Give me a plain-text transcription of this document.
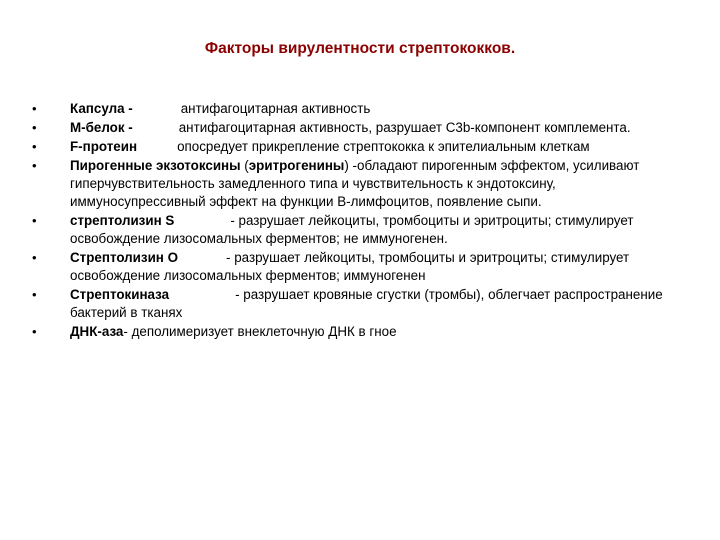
Факторы вирулентности стрептококков.
• Капсула -	антифагоцитарная активность
• М-белок -	антифагоцитарная активность, разрушает С3b-компонент комплемента.
• F-протеин	опосредует прикрепление стрептококка к эпителиальным клеткам
• Пирогенные экзотоксины (эритрогенины) -обладают пирогенным эффектом, усиливают гиперчувствительность замедленного типа и чувствительность к эндотоксину, иммуносупрессивный эффект на функции В-лимфоцитов, появление сыпи.
• стрептолизин S	- разрушает лейкоциты, тромбоциты и эритроциты; стимулирует освобождение лизосомальных ферментов; не иммуногенен.
• Стрептолизин О	- разрушает лейкоциты, тромбоциты и эритроциты; стимулирует освобождение лизосомальных ферментов; иммуногенен
• Стрептокиназа	- разрушает кровяные сгустки (тромбы), облегчает распространение бактерий в тканях
• ДНК-аза- деполимеризует внеклеточную ДНК в гное
